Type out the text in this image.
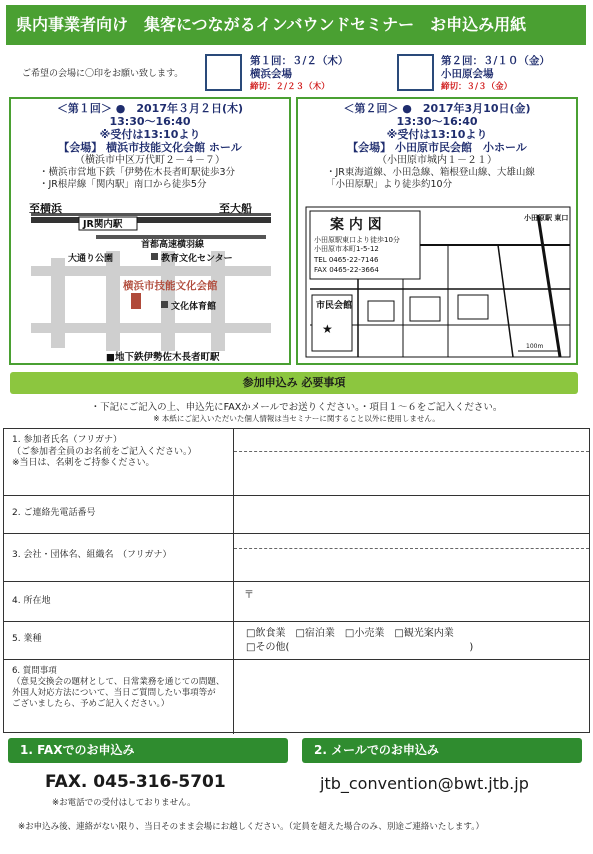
県内事業者向け　集客につながるインバウンドセミナー　お申込み用紙
ご希望の会場に〇印をお願い致します。
第１回：３/２（木）
横浜会場
締切：２/２３（木）
第２回：３/１０（金）
小田原会場
締切：３/３（金）
＜第１回＞ ●　2017年３月２日(木)
13:30～16:40
※受付は13:10より
【会場】 横浜市技能文化会館 ホール
（横浜市中区万代町２－４－７）
・横浜市営地下鉄「伊勢佐木長者町駅徒歩3分
・JR根岸線「関内駅」南口から徒歩5分
至横浜	至大船
JR関内駅
首都高速横羽線
教育文化センター
大通り公園
横浜市技能文化会館
文化体育館
■地下鉄伊勢佐木長者町駅
＜第２回＞ ●　2017年3月10日(金)
13:30～16:40
※受付は13:10より
【会場】 小田原市民会館　小ホール
（小田原市城内１－２１）
・JR東海道線、小田急線、箱根登山線、大雄山線
「小田原駅」より徒歩約10分
案 内 図
小田原駅東口より徒歩10分
小田原市本町1-5-12
TEL 0465-22-7146
FAX 0465-22-3664
小田原駅 東口
市民会館
★
100m
参加申込み 必要事項
・下記にご記入の上、申込先にFAXかメールでお送りください。・項目１～６をご記入ください。
※ 本紙にご記入いただいた個人情報は当セミナーに関すること以外に使用しません。
1. 参加者氏名（フリガナ）
（ご参加者全員のお名前をご記入ください。）
※当日は、名刺をご持参ください。
2. ご連絡先電話番号
3. 会社・団体名、組織名　（フリガナ）
4. 所在地	〒
5. 業種	□飲食業　□宿泊業　□小売業　□観光案内業
□その他(　　　　　　　　　　　　　　　　　　)
6. 質問事項
（意見交換会の題材として、日常業務を通じての問題、
外国人対応方法について、当日ご質問したい事項等が
ございましたら、予めご記入ください。）
1. FAXでのお申込み	2. メールでのお申込み
FAX. 045-316-5701
※お電話での受付はしておりません。
jtb_convention@bwt.jtb.jp
※お申込み後、連絡がない限り、当日そのまま会場にお越しください。（定員を超えた場合のみ、別途ご連絡いたします。）
